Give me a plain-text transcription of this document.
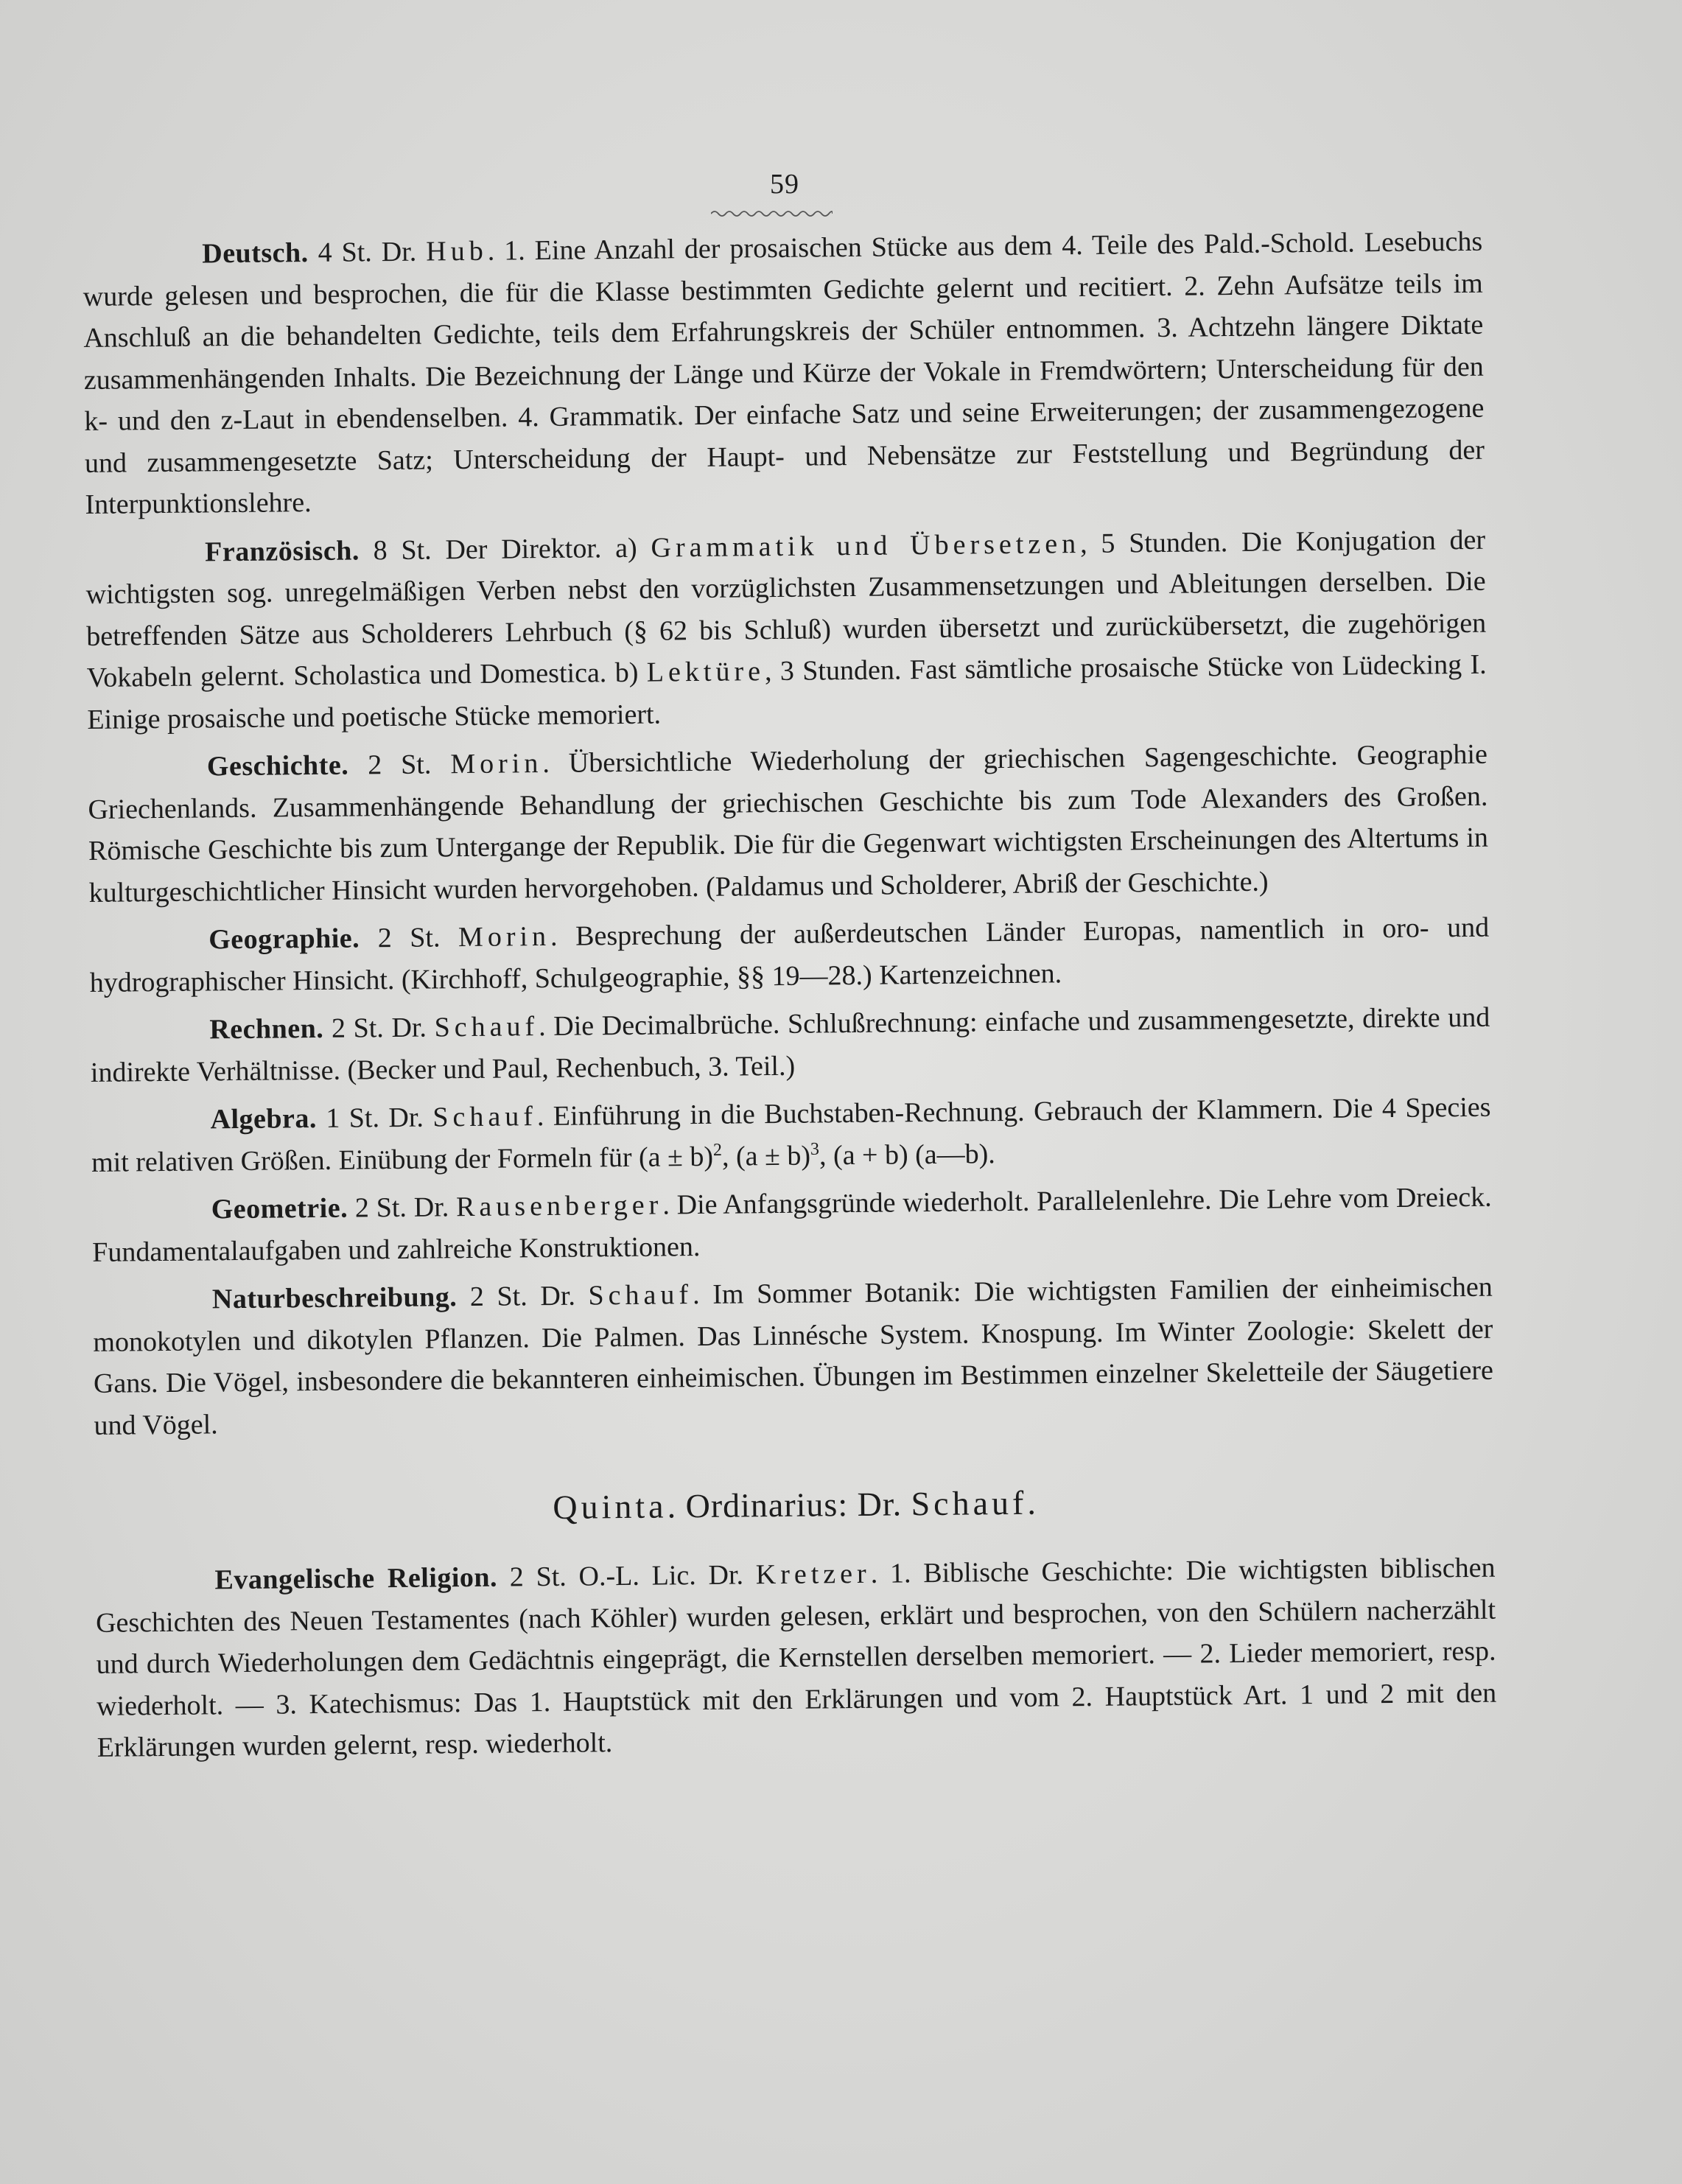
59

Deutsch. 4 St. Dr. Hub. 1. Eine Anzahl der prosaischen Stücke aus dem 4. Teile des Pald.-Schold. Lesebuchs wurde gelesen und besprochen, die für die Klasse bestimmten Gedichte gelernt und recitiert. 2. Zehn Aufsätze teils im Anschluß an die behandelten Gedichte, teils dem Erfahrungskreis der Schüler entnommen. 3. Achtzehn längere Diktate zusammenhängenden Inhalts. Die Bezeichnung der Länge und Kürze der Vokale in Fremdwörtern; Unterscheidung für den k- und den z-Laut in ebendenselben. 4. Grammatik. Der einfache Satz und seine Erweiterungen; der zusammengezogene und zusammengesetzte Satz; Unterscheidung der Haupt- und Nebensätze zur Feststellung und Begründung der Interpunktionslehre.

Französisch. 8 St. Der Direktor. a) Grammatik und Übersetzen, 5 Stunden. Die Konjugation der wichtigsten sog. unregelmäßigen Verben nebst den vorzüglichsten Zusammensetzungen und Ableitungen derselben. Die betreffenden Sätze aus Scholderers Lehrbuch (§ 62 bis Schluß) wurden übersetzt und zurückübersetzt, die zugehörigen Vokabeln gelernt. Scholastica und Domestica. b) Lektüre, 3 Stunden. Fast sämtliche prosaische Stücke von Lüdecking I. Einige prosaische und poetische Stücke memoriert.

Geschichte. 2 St. Morin. Übersichtliche Wiederholung der griechischen Sagengeschichte. Geographie Griechenlands. Zusammenhängende Behandlung der griechischen Geschichte bis zum Tode Alexanders des Großen. Römische Geschichte bis zum Untergange der Republik. Die für die Gegenwart wichtigsten Erscheinungen des Altertums in kulturgeschichtlicher Hinsicht wurden hervorgehoben. (Paldamus und Scholderer, Abriß der Geschichte.)

Geographie. 2 St. Morin. Besprechung der außerdeutschen Länder Europas, namentlich in oro- und hydrographischer Hinsicht. (Kirchhoff, Schulgeographie, §§ 19—28.) Kartenzeichnen.

Rechnen. 2 St. Dr. Schauf. Die Decimalbrüche. Schlußrechnung: einfache und zusammengesetzte, direkte und indirekte Verhältnisse. (Becker und Paul, Rechenbuch, 3. Teil.)

Algebra. 1 St. Dr. Schauf. Einführung in die Buchstaben-Rechnung. Gebrauch der Klammern. Die 4 Species mit relativen Größen. Einübung der Formeln für $(a \pm b)^2$, $(a \pm b)^3$, (a + b) (a—b).

Geometrie. 2 St. Dr. Rausenberger. Die Anfangsgründe wiederholt. Parallelenlehre. Die Lehre vom Dreieck. Fundamentalaufgaben und zahlreiche Konstruktionen.

Naturbeschreibung. 2 St. Dr. Schauf. Im Sommer Botanik: Die wichtigsten Familien der einheimischen monokotylen und dikotylen Pflanzen. Die Palmen. Das Linnésche System. Knospung. Im Winter Zoologie: Skelett der Gans. Die Vögel, insbesondere die bekannteren einheimischen. Übungen im Bestimmen einzelner Skeletteile der Säugetiere und Vögel.

Quinta. Ordinarius: Dr. Schauf.

Evangelische Religion. 2 St. O.-L. Lic. Dr. Kretzer. 1. Biblische Geschichte: Die wichtigsten biblischen Geschichten des Neuen Testamentes (nach Köhler) wurden gelesen, erklärt und besprochen, von den Schülern nacherzählt und durch Wiederholungen dem Gedächtnis eingeprägt, die Kernstellen derselben memoriert. — 2. Lieder memoriert, resp. wiederholt. — 3. Katechismus: Das 1. Hauptstück mit den Erklärungen und vom 2. Hauptstück Art. 1 und 2 mit den Erklärungen wurden gelernt, resp. wiederholt.
